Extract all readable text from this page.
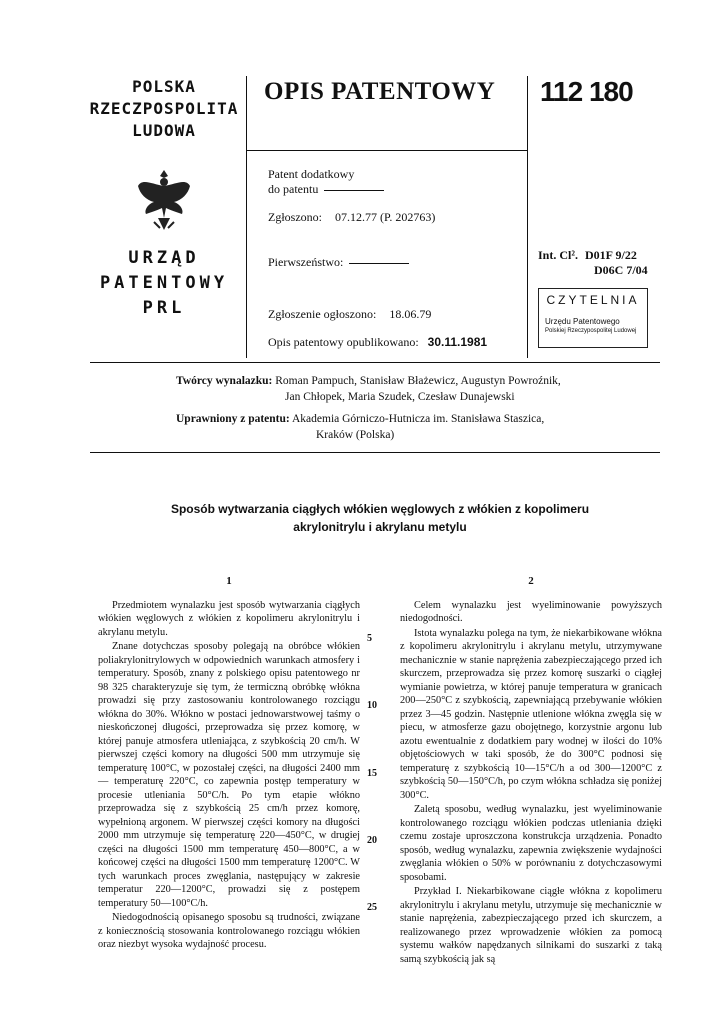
POLSKA
RZECZPOSPOLITA
LUDOWA
URZĄD
PATENTOWY
PRL
OPIS PATENTOWY 112 180
Patent dodatkowy
do patentu
Zgłoszono: 07.12.77 (P. 202763)
Pierwszeństwo:
Zgłoszenie ogłoszono: 18.06.79
Opis patentowy opublikowano: 30.11.1981
Int. Cl². D01F 9/22
D06C 7/04
CZYTELNIA
Urzędu Patentowego
Polskiej Rzeczypospolitej Ludowej
Twórcy wynalazku: Roman Pampuch, Stanisław Błażewicz, Augustyn Powroźnik,
Jan Chłopek, Maria Szudek, Czesław Dunajewski
Uprawniony z patentu: Akademia Górniczo-Hutnicza im. Stanisława Staszica,
Kraków (Polska)
Sposób wytwarzania ciągłych włókien węglowych z włókien z kopolimeru
akrylonitrylu i akrylanu metylu
1

Przedmiotem wynalazku jest sposób wytwarzania ciągłych włókien węglowych z włókien z kopolimeru akrylonitrylu i akrylanu metylu.

Znane dotychczas sposoby polegają na obróbce włókien poliakrylonitrylowych w odpowiednich warunkach atmosfery i temperatury. Sposób, znany z polskiego opisu patentowego nr 98 325 charakteryzuje się tym, że termiczną obróbkę włókna prowadzi się przy zastosowaniu kontrolowanego rozciągu włókna do 30%. Włókno w postaci jednowarstwowej taśmy o nieskończonej długości, przeprowadza się przez komorę, w której panuje atmosfera utleniająca, z szybkością 20 cm/h. W pierwszej części komory na długości 500 mm utrzymuje się temperaturę 100°C, w pozostałej części, na długości 2400 mm — temperaturę 220°C, co zapewnia postęp temperatury w procesie utleniania 50°C/h. Po tym etapie włókno przeprowadza się z szybkością 25 cm/h przez komorę, wypełnioną argonem. W pierwszej części komory na długości 2000 mm utrzymuje się temperaturę 220—450°C, w drugiej części na długości 1500 mm temperaturę 450—800°C, a w końcowej części na długości 1500 mm temperaturę 1200°C. W tych warunkach proces zwęglania, następujący w zakresie temperatur 220—1200°C, prowadzi się z postępem temperatury 50—100°C/h.

Niedogodnością opisanego sposobu są trudności, związane z koniecznością stosowania kontrolowanego rozciągu włókien oraz niezbyt wysoka wydajność procesu.

5
10
15
20
25
2

Celem wynalazku jest wyeliminowanie powyższych niedogodności.

Istota wynalazku polega na tym, że niekarbikowane włókna z kopolimeru akrylonitrylu i akrylanu metylu, utrzymywane mechanicznie w stanie naprężenia zabezpieczającego przed ich skurczem, przeprowadza się przez komorę suszarki o ciągłej wymianie powietrza, w której panuje temperatura w granicach 200—250°C z szybkością, zapewniającą przebywanie włókien przez 3—45 godzin. Następnie utlenione włókna zwęgla się w piecu, w atmosferze gazu obojętnego, korzystnie argonu lub azotu ewentualnie z dodatkiem pary wodnej w ilości do 10% objętościowych w taki sposób, że do 300°C podnosi się temperaturę z szybkością 10—15°C/h a od 300—1200°C z szybkością 50—150°C/h, po czym włókna schładza się poniżej 300°C.

Zaletą sposobu, według wynalazku, jest wyeliminowanie kontrolowanego rozciągu włókien podczas utleniania dzięki czemu zostaje uproszczona konstrukcja urządzenia. Ponadto sposób, według wynalazku, zapewnia zwiększenie wydajności zwęglania włókien o 50% w porównaniu z dotychczasowymi sposobami.

Przykład I. Niekarbikowane ciągłe włókna z kopolimeru akrylonitrylu i akrylanu metylu, utrzymuje się mechanicznie w stanie naprężenia, zabezpieczającego przed ich skurczem, a realizowanego przez wprowadzenie włókien za pomocą systemu wałków napędzanych silnikami do suszarki z taką samą szybkością jak są
